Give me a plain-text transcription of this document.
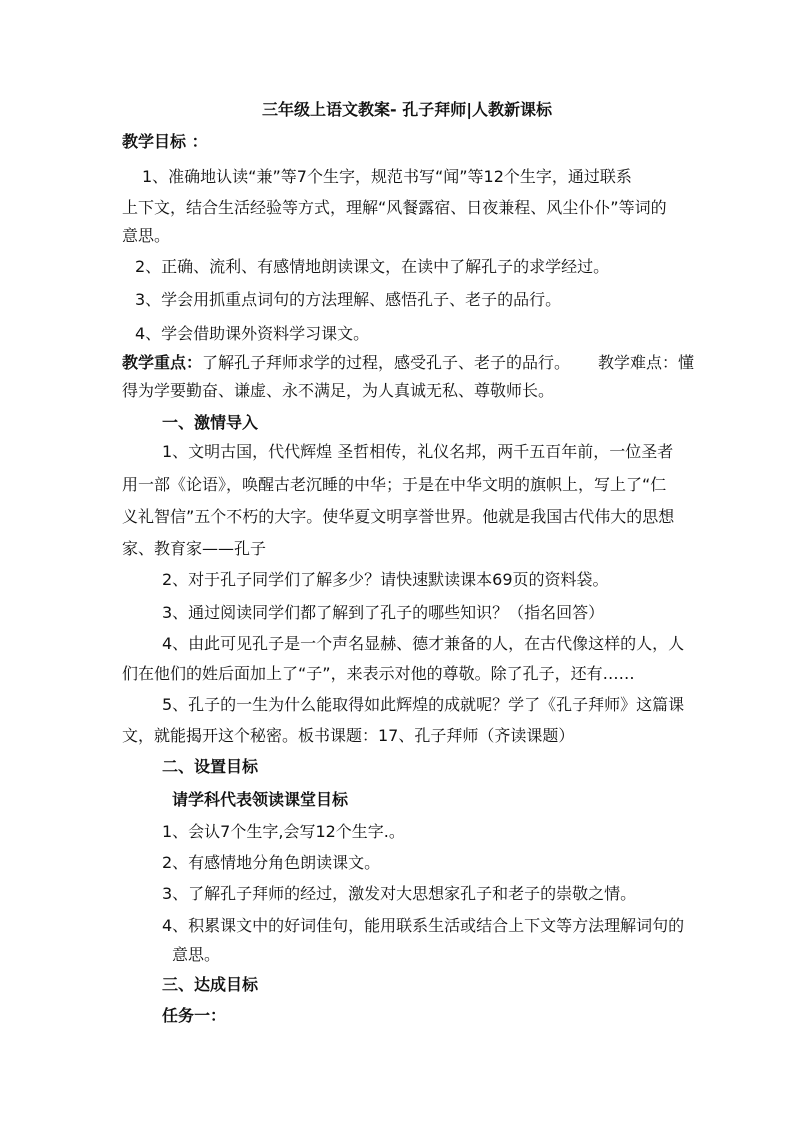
三年级上语文教案- 孔子拜师|人教新课标
教学目标 ：
1、准确地认读“兼”等7个生字，规范书写“闻”等12个生字，通过联系
上下文，结合生活经验等方式，理解“风餐露宿、日夜兼程、风尘仆仆”等词的
意思。
2、正确、流利、有感情地朗读课文，在读中了解孔子的求学经过。
3、学会用抓重点词句的方法理解、感悟孔子、老子的品行。
4、学会借助课外资料学习课文。
教学重点：了解孔子拜师求学的过程，感受孔子、老子的品行。 教学难点：懂
得为学要勤奋、谦虚、永不满足，为人真诚无私、尊敬师长。
一、激情导入
1、文明古国，代代辉煌 圣哲相传，礼仪名邦，两千五百年前，一位圣者
用一部《论语》，唤醒古老沉睡的中华；于是在中华文明的旗帜上，写上了“仁
义礼智信”五个不朽的大字。使华夏文明享誉世界。他就是我国古代伟大的思想
家、教育家——孔子
2、对于孔子同学们了解多少？请快速默读课本69页的资料袋。
3、通过阅读同学们都了解到了孔子的哪些知识？（指名回答）
4、由此可见孔子是一个声名显赫、德才兼备的人，在古代像这样的人，人
们在他们的姓后面加上了“子”，来表示对他的尊敬。除了孔子，还有……
5、孔子的一生为什么能取得如此辉煌的成就呢？学了《孔子拜师》这篇课
文，就能揭开这个秘密。板书课题：17、孔子拜师（齐读课题）
二、设置目标
请学科代表领读课堂目标
1、会认7个生字,会写12个生字.。
2、有感情地分角色朗读课文。
3、了解孔子拜师的经过，激发对大思想家孔子和老子的崇敬之情。
4、积累课文中的好词佳句，能用联系生活或结合上下文等方法理解词句的
意思。
三、达成目标
任务一：
